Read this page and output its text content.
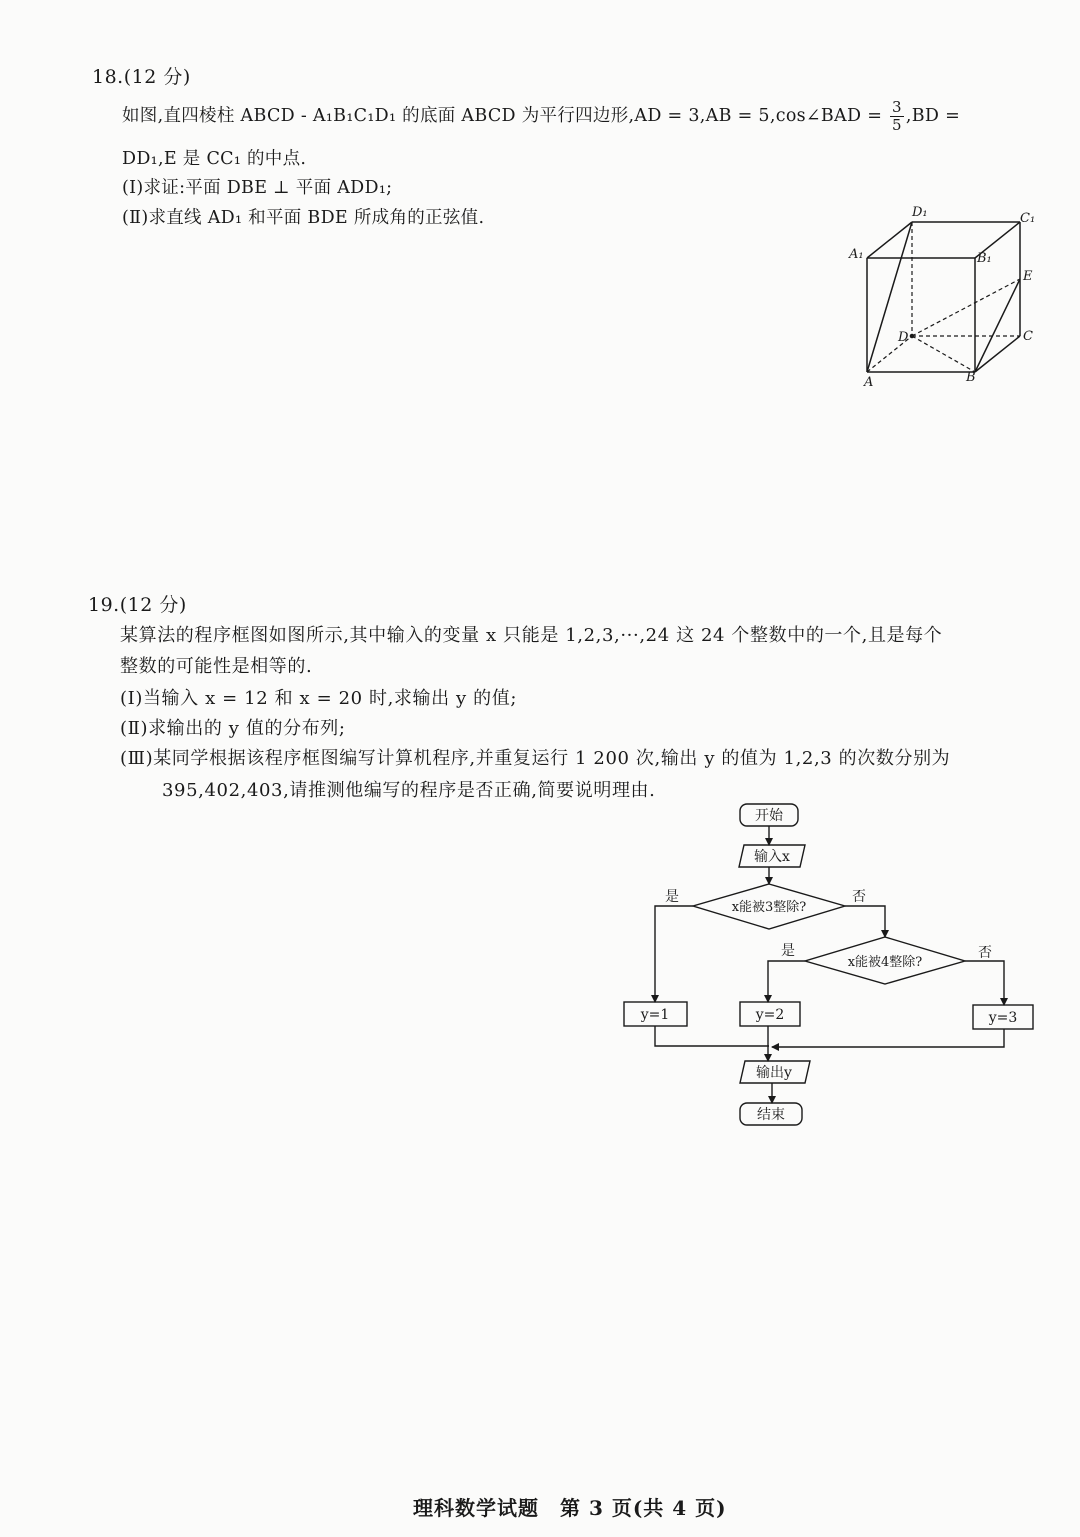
18.(12 分)
如图,直四棱柱 ABCD - A₁B₁C₁D₁ 的底面 ABCD 为平行四边形,AD = 3,AB = 5,cos∠BAD = $\frac{3}{5} ,BD$ =
DD₁,E 是 CC₁ 的中点.
(Ⅰ)求证:平面 DBE ⊥ 平面 ADD₁;
(Ⅱ)求直线 AD₁ 和平面 BDE 所成角的正弦值.	D₁	C₁
A₁	B₁
E
D	C
A	B
19.(12 分)
某算法的程序框图如图所示,其中输入的变量 x 只能是 1,2,3,···,24 这 24 个整数中的一个,且是每个
整数的可能性是相等的.
(Ⅰ)当输入 x = 12 和 x = 20 时,求输出 y 的值;
(Ⅱ)求输出的 y 值的分布列;
(Ⅲ)某同学根据该程序框图编写计算机程序,并重复运行 1 200 次,输出 y 的值为 1,2,3 的次数分别为
395,402,403,请推测他编写的程序是否正确,简要说明理由.
开始
输入x
x能被3整除?
x能被4整除?
y=1	y=2	y=3
输出y
结束
是	否
是	否
理科数学试题　第 3 页(共 4 页)
